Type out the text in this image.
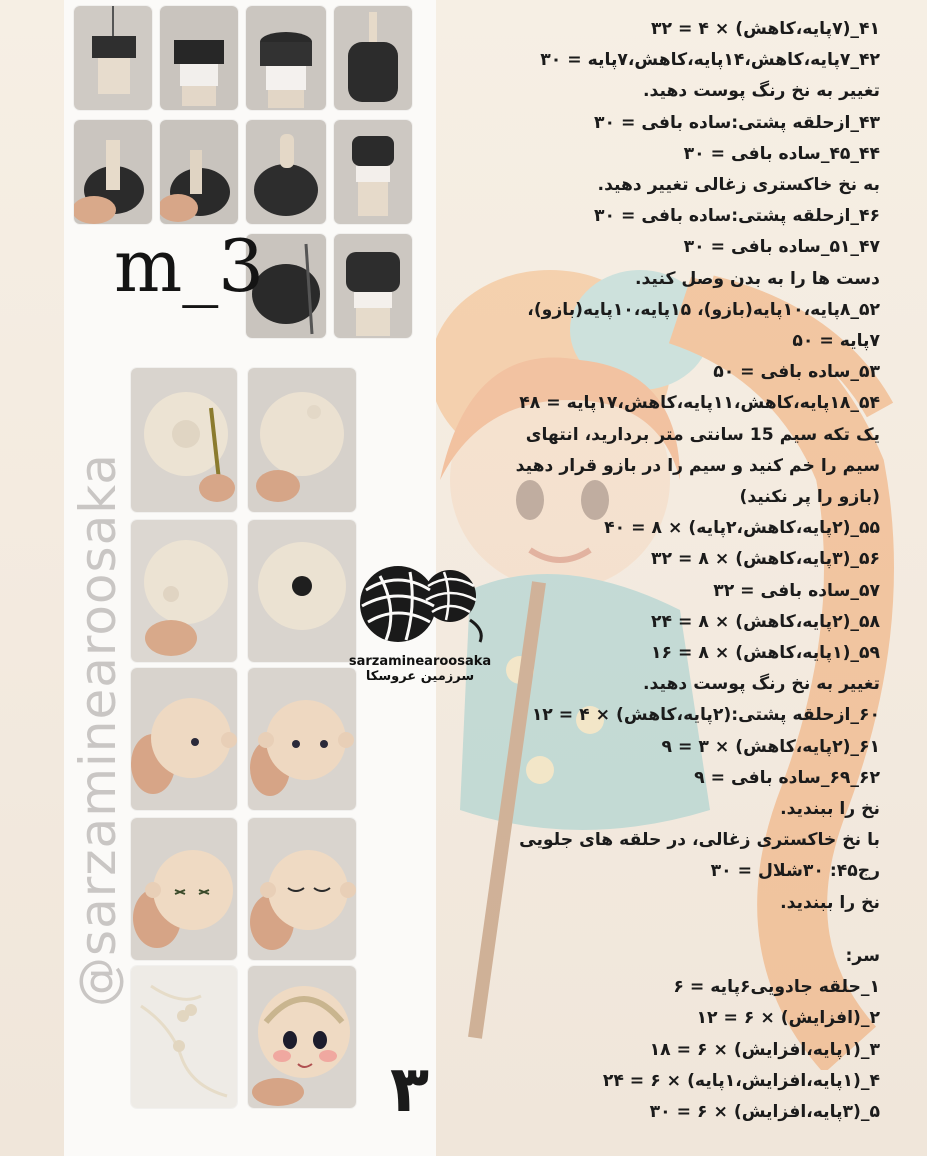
m_3
@sarzaminearoosaka	sarzaminearoosaka
سرزمین عروسکا
۳
۴۱_(۷پایه،کاهش) × ۴ = ۳۲
۴۲_۷پایه،کاهش،۱۴پایه،کاهش،۷پایه = ۳۰
تغییر به نخ رنگ پوست دهید.
۴۳_ازحلقه پشتی:ساده بافی = ۳۰
۴۴_۴۵_ساده بافی = ۳۰
به نخ خاکستری زغالی تغییر دهید.
۴۶_ازحلقه پشتی:ساده بافی = ۳۰
۴۷_۵۱_ساده بافی = ۳۰
دست ها را به بدن وصل کنید.
۵۲_۸پایه،۱۰پایه(بازو)، ۱۵پایه،۱۰پایه(بازو)،
۷پایه = ۵۰
۵۳_ساده بافی = ۵۰
۵۴_۱۸پایه،کاهش،۱۱پایه،کاهش،۱۷پایه = ۴۸
یک تکه سیم 15 سانتی متر بردارید، انتهای
سیم را خم کنید و سیم را در بازو قرار دهید
(بازو را پر نکنید)
۵۵_(۲پایه،کاهش،۲پایه) × ۸ = ۴۰
۵۶_(۳پایه،کاهش) × ۸ = ۳۲
۵۷_ساده بافی = ۳۲
۵۸_(۲پایه،کاهش) × ۸ = ۲۴
۵۹_(۱پایه،کاهش) × ۸ = ۱۶
تغییر به نخ رنگ پوست دهید.
۶۰_ازحلقه پشتی:(۲پایه،کاهش) × ۴ = ۱۲
۶۱_(۲پایه،کاهش) × ۳ = ۹
۶۲_۶۹_ساده بافی = ۹
نخ را ببندید.
با نخ خاکستری زغالی، در حلقه های جلویی
رج۴۵: ۳۰شلال = ۳۰
نخ را ببندید.
سر:
۱_حلقه جادویی۶پایه = ۶
۲_(افزایش) × ۶ = ۱۲
۳_(۱پایه،افزایش) × ۶ = ۱۸
۴_(۱پایه،افزایش،۱پایه) × ۶ = ۲۴
۵_(۳پایه،افزایش) × ۶ = ۳۰
